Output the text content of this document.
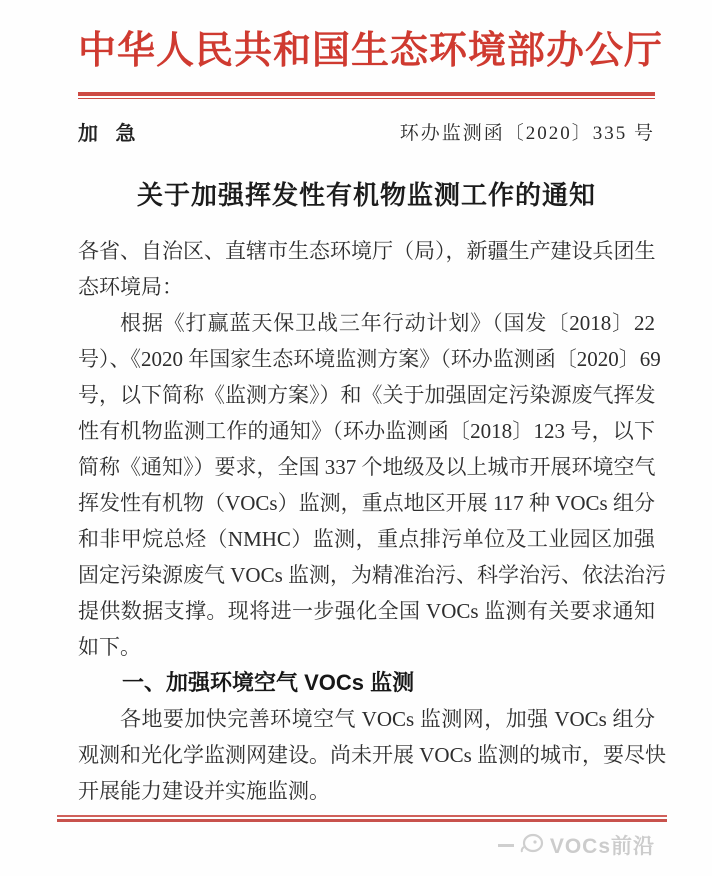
中华人民共和国生态环境部办公厅
加 急	环办监测函〔2020〕335 号
关于加强挥发性有机物监测工作的通知
各省、自治区、直辖市生态环境厅（局），新疆生产建设兵团生
态环境局：
根据《打赢蓝天保卫战三年行动计划》（国发〔2018〕22
号）、《2020 年国家生态环境监测方案》（环办监测函〔2020〕69
号，以下简称《监测方案》）和《关于加强固定污染源废气挥发
性有机物监测工作的通知》（环办监测函〔2018〕123 号，以下
简称《通知》）要求，全国 337 个地级及以上城市开展环境空气
挥发性有机物（VOCs）监测，重点地区开展 117 种 VOCs 组分
和非甲烷总烃（NMHC）监测，重点排污单位及工业园区加强
固定污染源废气 VOCs 监测，为精准治污、科学治污、依法治污
提供数据支撑。现将进一步强化全国 VOCs 监测有关要求通知
如下。
一、加强环境空气 VOCs 监测
各地要加快完善环境空气 VOCs 监测网，加强 VOCs 组分
观测和光化学监测网建设。尚未开展 VOCs 监测的城市，要尽快
开展能力建设并实施监测。
VOCs前沿
